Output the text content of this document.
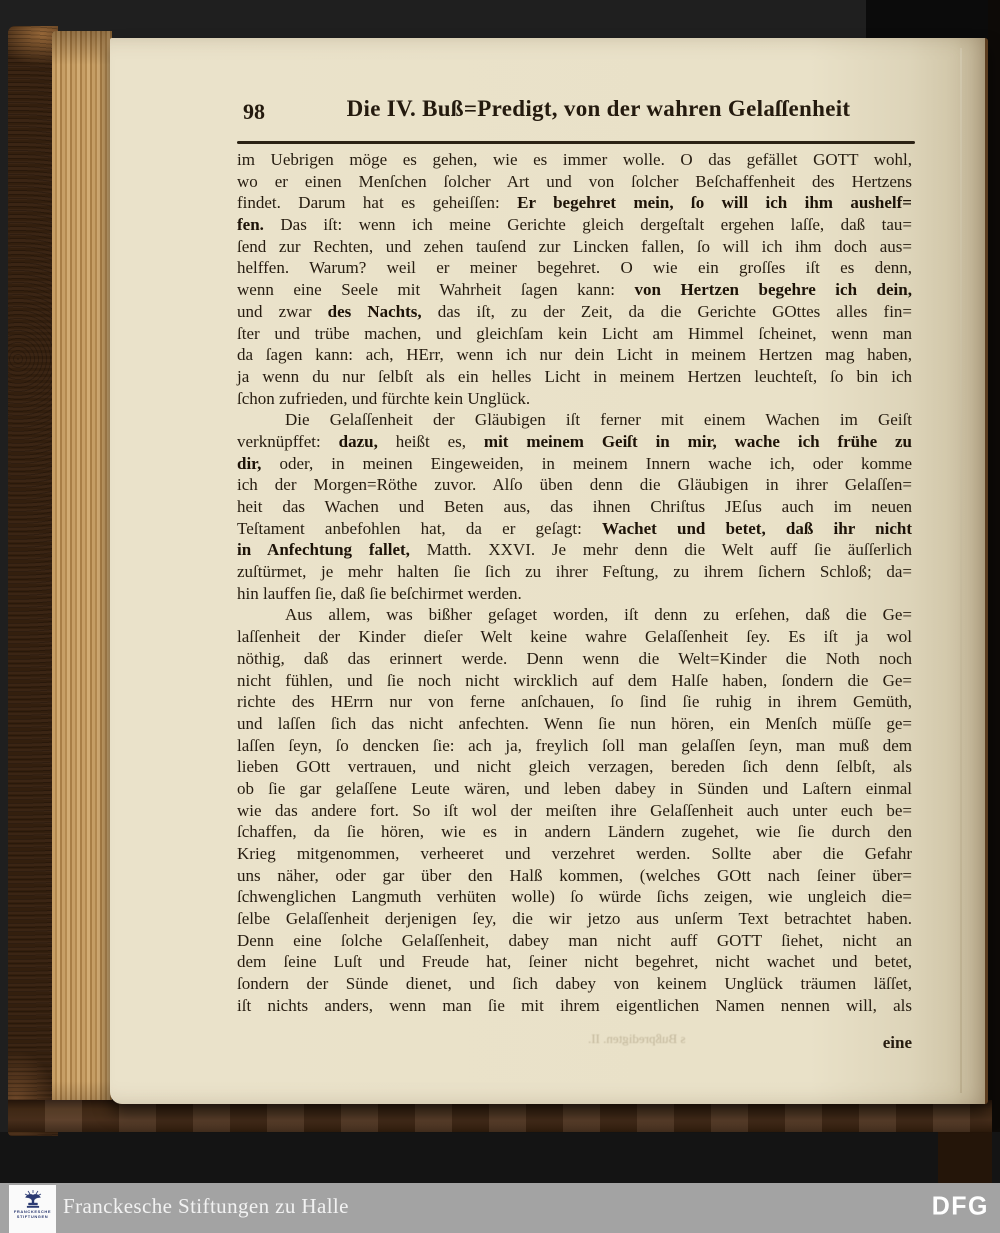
98	Die IV. Buß=Predigt, von der wahren Gelaſſenheit
im Uebrigen möge es gehen, wie es immer wolle. O das gefället GOTT wohl,
wo er einen Menſchen ſolcher Art und von ſolcher Beſchaffenheit des Hertzens
findet. Darum hat es geheiſſen: Er begehret mein, ſo will ich ihm aushelf=
fen. Das iſt: wenn ich meine Gerichte gleich dergeſtalt ergehen laſſe, daß tau=
ſend zur Rechten, und zehen tauſend zur Lincken fallen, ſo will ich ihm doch aus=
helffen. Warum? weil er meiner begehret. O wie ein groſſes iſt es denn,
wenn eine Seele mit Wahrheit ſagen kann: von Hertzen begehre ich dein,
und zwar des Nachts, das iſt, zu der Zeit, da die Gerichte GOttes alles fin=
ſter und trübe machen, und gleichſam kein Licht am Himmel ſcheinet, wenn man
da ſagen kann: ach, HErr, wenn ich nur dein Licht in meinem Hertzen mag haben,
ja wenn du nur ſelbſt als ein helles Licht in meinem Hertzen leuchteſt, ſo bin ich
ſchon zufrieden, und fürchte kein Unglück.
Die Gelaſſenheit der Gläubigen iſt ferner mit einem Wachen im Geiſt
verknüpffet: dazu, heißt es, mit meinem Geiſt in mir, wache ich frühe zu
dir, oder, in meinen Eingeweiden, in meinem Innern wache ich, oder komme
ich der Morgen=Röthe zuvor. Alſo üben denn die Gläubigen in ihrer Gelaſſen=
heit das Wachen und Beten aus, das ihnen Chriſtus JEſus auch im neuen
Teſtament anbefohlen hat, da er geſagt: Wachet und betet, daß ihr nicht
in Anfechtung fallet, Matth. XXVI. Je mehr denn die Welt auff ſie äuſſerlich
zuſtürmet, je mehr halten ſie ſich zu ihrer Feſtung, zu ihrem ſichern Schloß; da=
hin lauffen ſie, daß ſie beſchirmet werden.
Aus allem, was bißher geſaget worden, iſt denn zu erſehen, daß die Ge=
laſſenheit der Kinder dieſer Welt keine wahre Gelaſſenheit ſey. Es iſt ja wol
nöthig, daß das erinnert werde. Denn wenn die Welt=Kinder die Noth noch
nicht fühlen, und ſie noch nicht wircklich auf dem Halſe haben, ſondern die Ge=
richte des HErrn nur von ferne anſchauen, ſo ſind ſie ruhig in ihrem Gemüth,
und laſſen ſich das nicht anfechten. Wenn ſie nun hören, ein Menſch müſſe ge=
laſſen ſeyn, ſo dencken ſie: ach ja, freylich ſoll man gelaſſen ſeyn, man muß dem
lieben GOtt vertrauen, und nicht gleich verzagen, bereden ſich denn ſelbſt, als
ob ſie gar gelaſſene Leute wären, und leben dabey in Sünden und Laſtern einmal
wie das andere fort. So iſt wol der meiſten ihre Gelaſſenheit auch unter euch be=
ſchaffen, da ſie hören, wie es in andern Ländern zugehet, wie ſie durch den
Krieg mitgenommen, verheeret und verzehret werden. Sollte aber die Gefahr
uns näher, oder gar über den Halß kommen, (welches GOtt nach ſeiner über=
ſchwenglichen Langmuth verhüten wolle) ſo würde ſichs zeigen, wie ungleich die=
ſelbe Gelaſſenheit derjenigen ſey, die wir jetzo aus unſerm Text betrachtet haben.
Denn eine ſolche Gelaſſenheit, dabey man nicht auff GOTT ſiehet, nicht an
dem ſeine Luſt und Freude hat, ſeiner nicht begehret, nicht wachet und betet,
ſondern der Sünde dienet, und ſich dabey von keinem Unglück träumen läſſet,
iſt nichts anders, wenn man ſie mit ihrem eigentlichen Namen nennen will, als
s Bußpredigten. II.	eine
FRANCKESCHE
STIFTUNGEN Franckesche Stiftungen zu Halle	DFG
